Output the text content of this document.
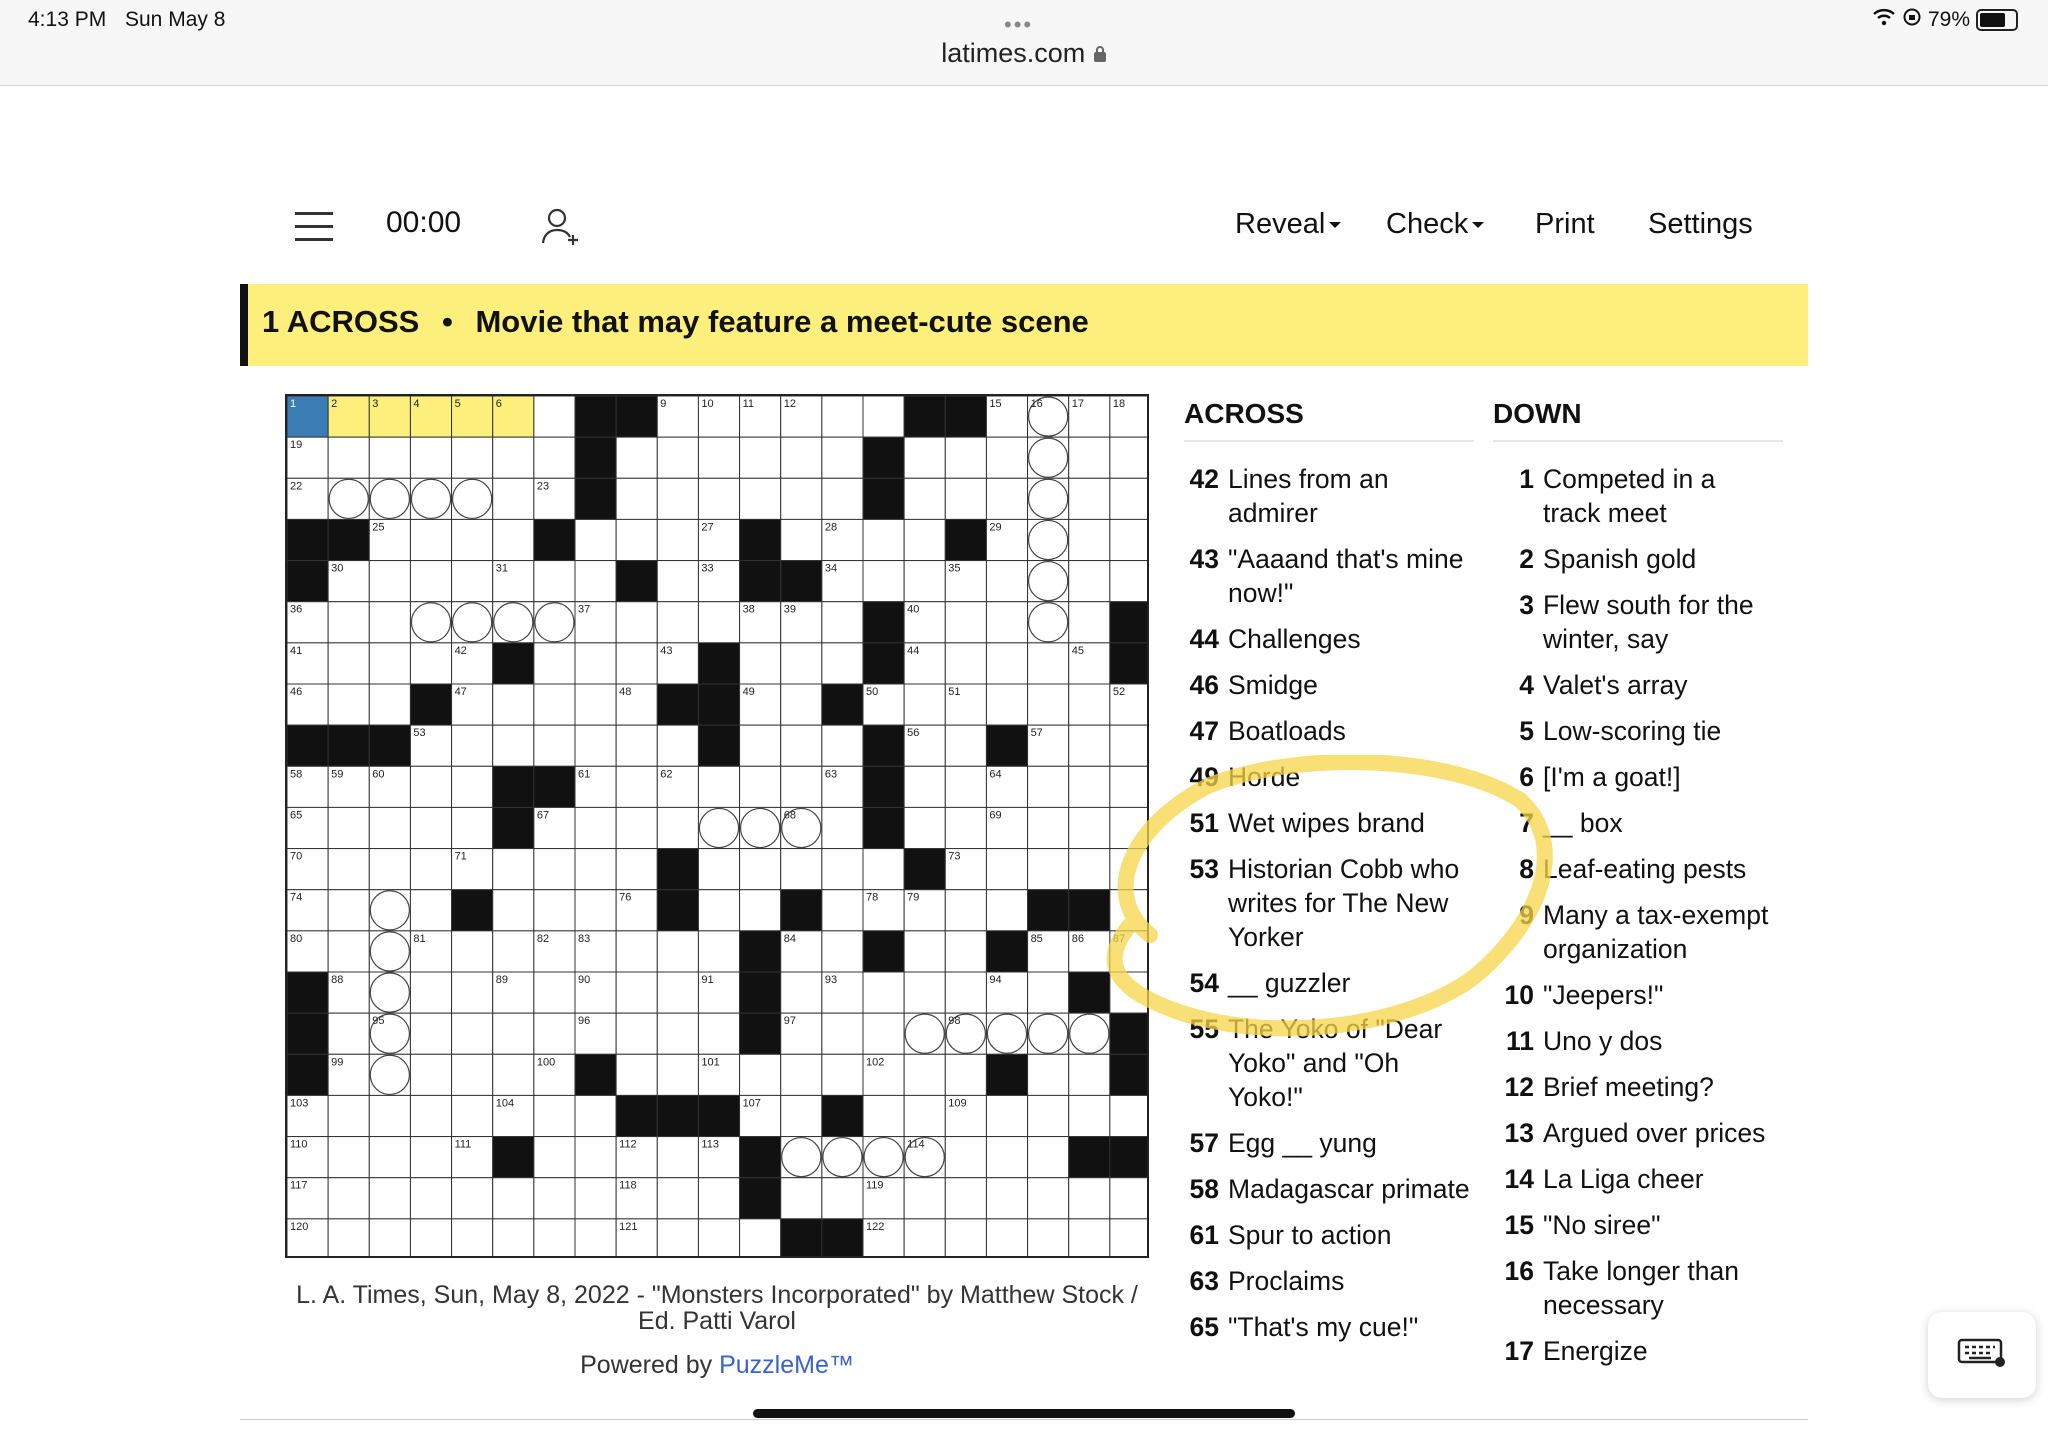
4:13 PM Sun May 8	•••
latimes.com
79%
00:00	Reveal	Check	Print Settings
1 ACROSS • Movie that may feature a meet-cute scene
1	2	3	4	5	6	9	10	11	12	15	16	17	18
19
22	23
25	27	28	29
30	31	33	34	35
36	37	38	39	40
41	42	43	44	45
46	47	48	49	50	51	52
53	56	57
58	59	60	61	62	63	64
65	67	68	69
70	71	73
74	76	78	79
80	81	82	83	84	85	86	87
88	89	90	91	93	94
95	96	97	98
99	100	101	102
103	104	107	109
110	111	112	113	114
117	118	119
120	121	122
L. A. Times, Sun, May 8, 2022 - "Monsters Incorporated" by Matthew Stock / Ed. Patti Varol
Powered by PuzzleMe™
ACROSS
42 Lines from an admirer
43 "Aaaand that's mine now!"
44 Challenges
46 Smidge
47 Boatloads
49 Horde
51 Wet wipes brand
53 Historian Cobb who writes for The New Yorker
54 __ guzzler
55 The Yoko of "Dear Yoko" and "Oh Yoko!"
57 Egg __ yung
58 Madagascar primate
61 Spur to action
63 Proclaims
65 "That's my cue!"
DOWN
1 Competed in a track meet
2 Spanish gold
3 Flew south for the winter, say
4 Valet's array
5 Low-scoring tie
6 [I'm a goat!]
7 __ box
8 Leaf-eating pests
9 Many a tax-exempt organization
10 "Jeepers!"
11 Uno y dos
12 Brief meeting?
13 Argued over prices
14 La Liga cheer
15 "No siree"
16 Take longer than necessary
17 Energize
